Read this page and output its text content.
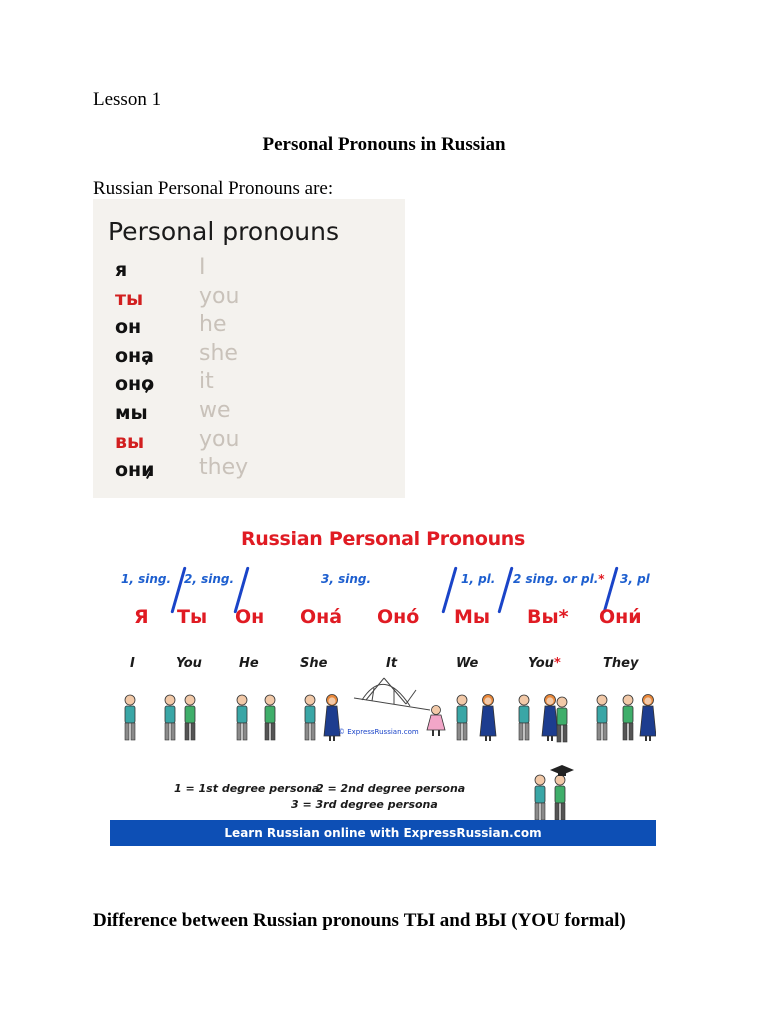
Lesson 1
Personal Pronouns in Russian
Russian Personal Pronouns are:
Personal pronouns
я	I
ты	you
он	he
она she
оно it
мы we
вы you
они they
Russian Personal Pronouns
1, sing. 2, sing.	3, sing.	1, pl. 2 sing. or pl.* 3, pl
Я Ты Он Она́ Оно́ Мы Вы* Они́
I	You	He	She	It	We	You*	They
© ExpressRussian.com
1 = 1st degree persona
2 = 2nd degree persona
3 = 3rd degree persona
Learn Russian online with ExpressRussian.com
Difference between Russian pronouns ТЫ and ВЫ (YOU formal)
